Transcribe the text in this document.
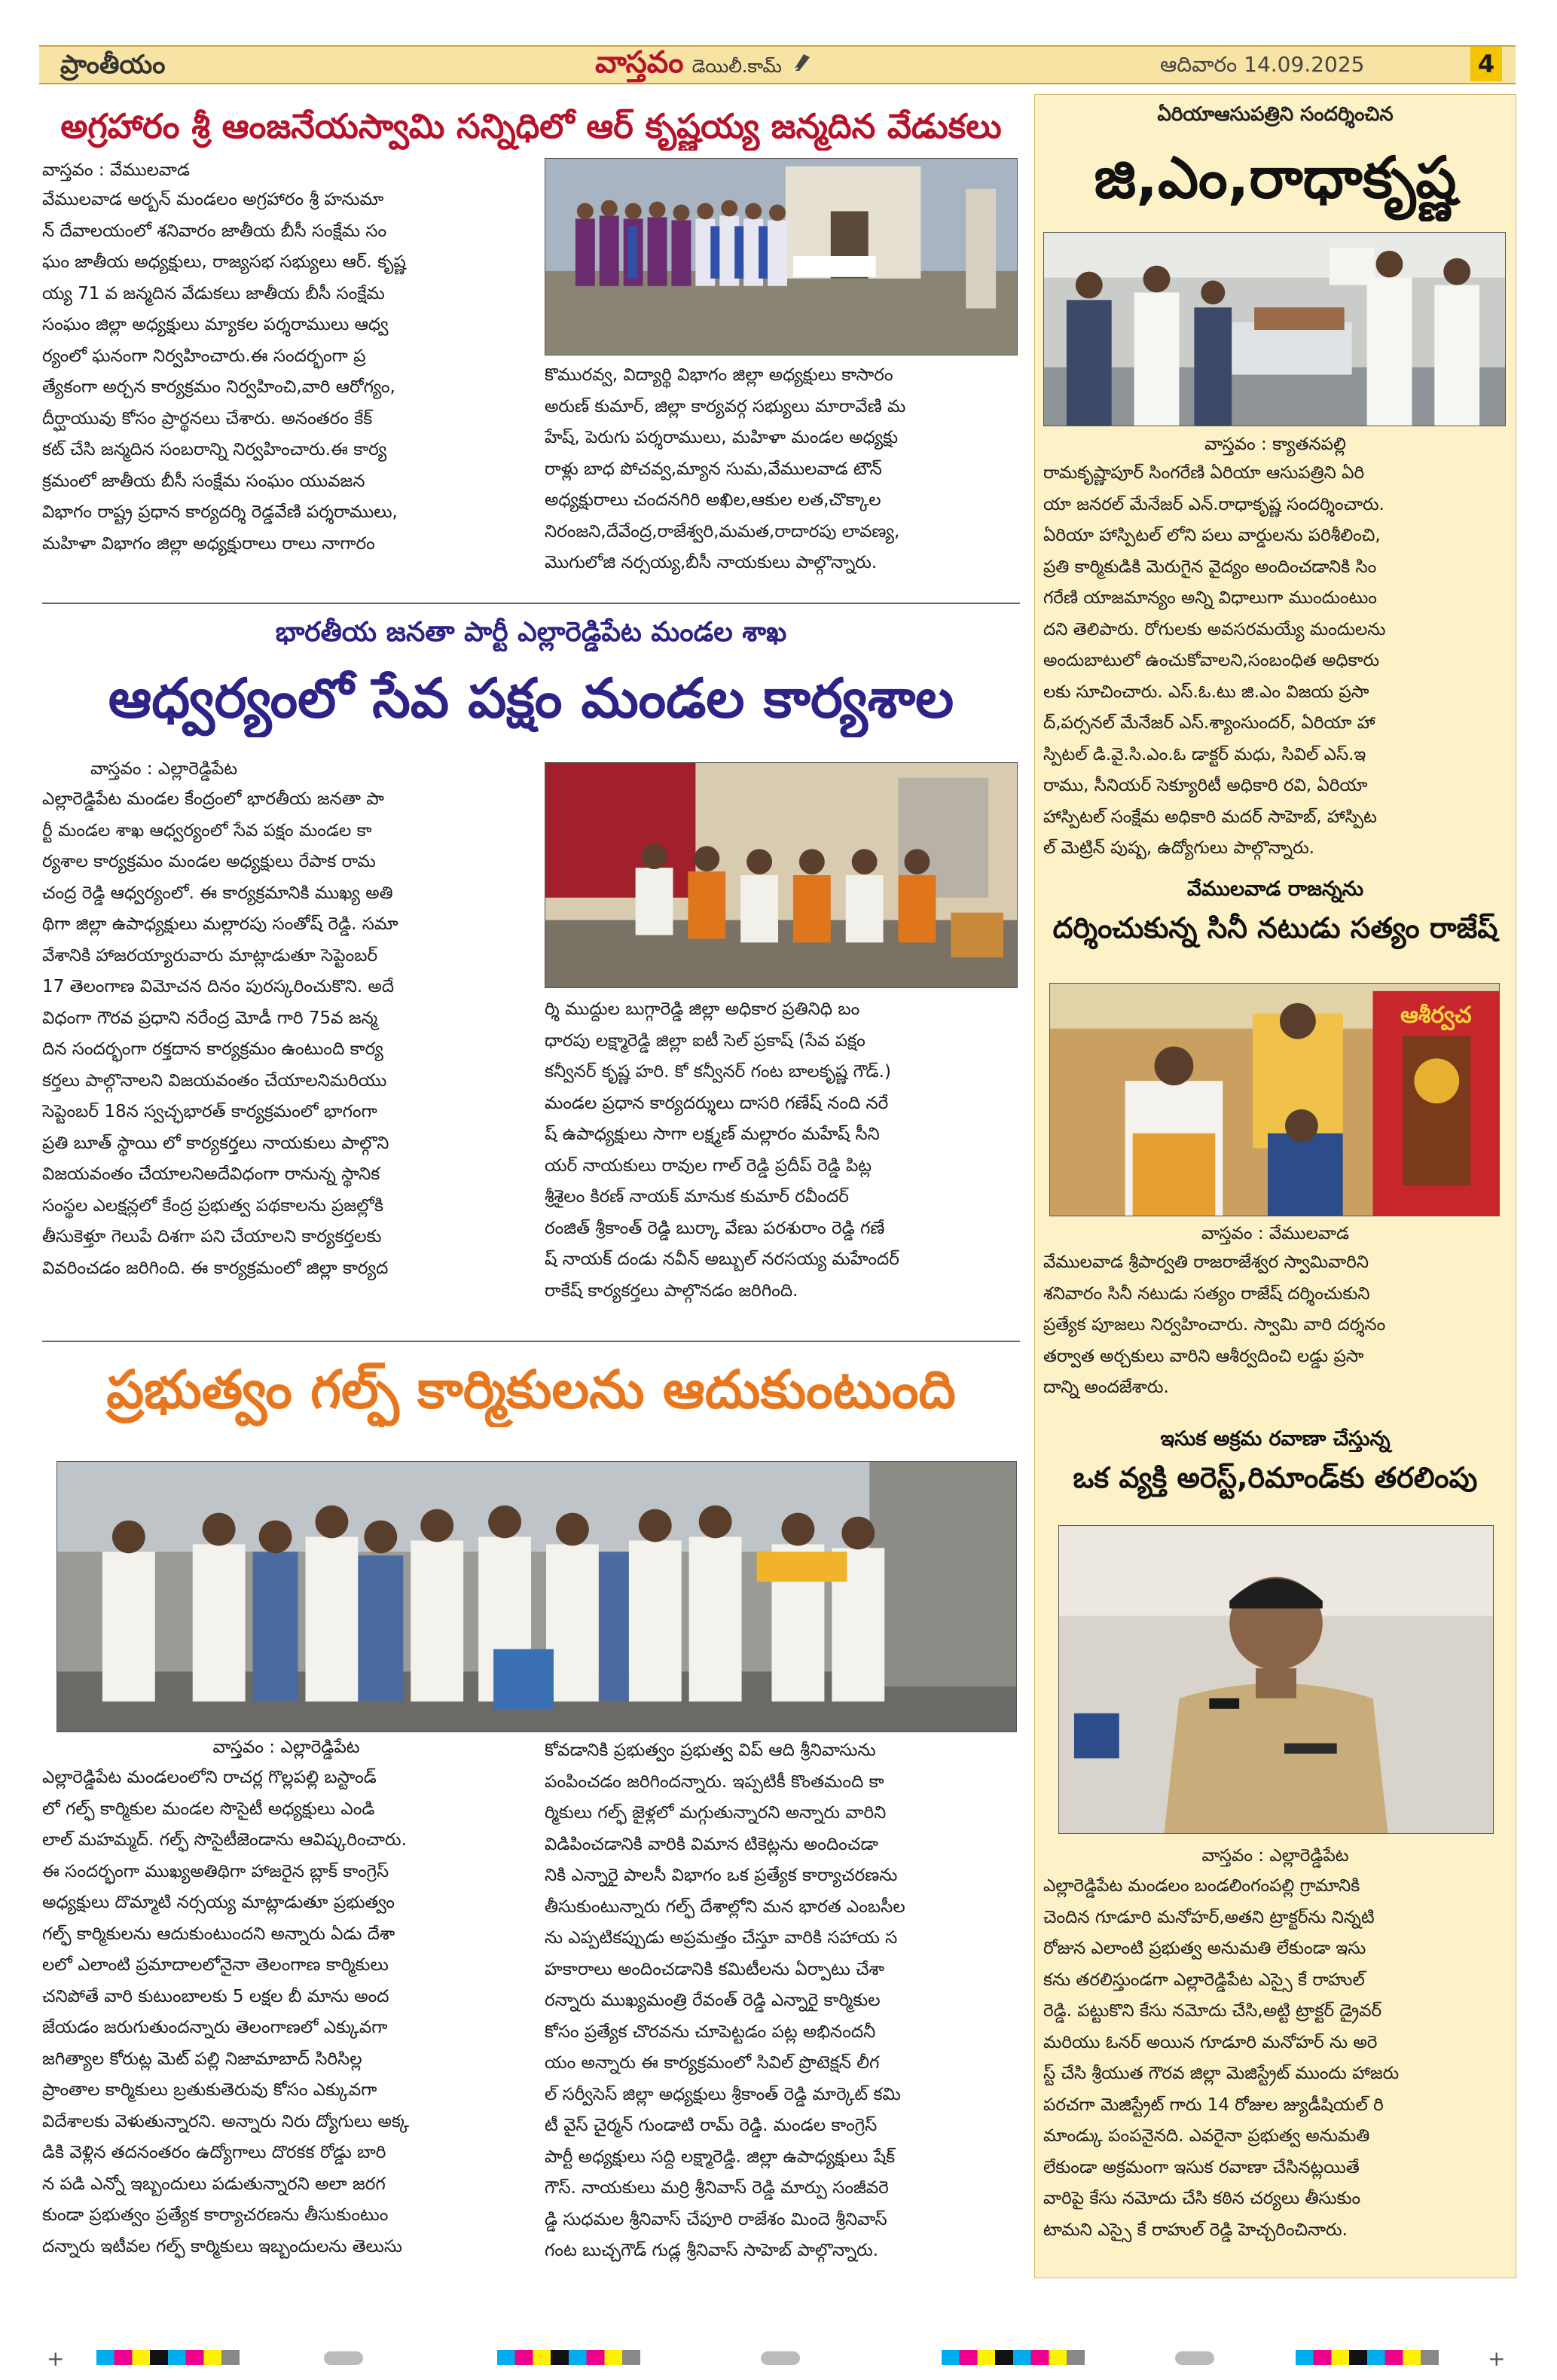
ప్రాంతీయం	వాస్తవం డెయిలీ.కామ్	ఆదివారం 14.09.2025	4
అగ్రహారం శ్రీ ఆంజనేయస్వామి సన్నిధిలో ఆర్ కృష్ణయ్య జన్మదిన వేడుకలు
వాస్తవం : వేములవాడ
వేములవాడ అర్బన్ మండలం అగ్రహారం శ్రీ హనుమా
న్ దేవాలయంలో శనివారం జాతీయ బీసీ సంక్షేమ సం
ఘం జాతీయ అధ్యక్షులు, రాజ్యసభ సభ్యులు ఆర్. కృష్ణ
య్య 71 వ జన్మదిన వేడుకలు జాతీయ బీసీ సంక్షేమ
సంఘం జిల్లా అధ్యక్షులు మ్యాకల పర్శరాములు ఆధ్వ
ర్యంలో ఘనంగా నిర్వహించారు.ఈ సందర్భంగా ప్ర
త్యేకంగా అర్చన కార్యక్రమం నిర్వహించి,వారి ఆరోగ్యం,
దీర్ఘాయువు కోసం ప్రార్థనలు చేశారు. అనంతరం కేక్
కట్ చేసి జన్మదిన సంబరాన్ని నిర్వహించారు.ఈ కార్య
క్రమంలో జాతీయ బీసీ సంక్షేమ సంఘం యువజన
విభాగం రాష్ట్ర ప్రధాన కార్యదర్శి రెడ్డవేణి పర్శరాములు,
మహిళా విభాగం జిల్లా అధ్యక్షురాలు రాలు నాగారం
కొమురవ్వ, విద్యార్థి విభాగం జిల్లా అధ్యక్షులు కాసారం
అరుణ్ కుమార్, జిల్లా కార్యవర్గ సభ్యులు మారావేణి మ
హేష్, పెరుగు పర్శరాములు, మహిళా మండల అధ్యక్షు
రాళ్లు బాధ పోచవ్వ,మ్యాన సుమ,వేములవాడ టౌన్
అధ్యక్షురాలు చందనగిరి అఖిల,ఆకుల లత,చొక్కాల
నిరంజని,దేవేంద్ర,రాజేశ్వరి,మమత,రాదారపు లావణ్య,
మొగులోజి నర్సయ్య,బీసీ నాయకులు పాల్గొన్నారు.
భారతీయ జనతా పార్టీ ఎల్లారెడ్డిపేట మండల శాఖ
ఆధ్వర్యంలో సేవ పక్షం మండల కార్యశాల
వాస్తవం : ఎల్లారెడ్డిపేట
ఎల్లారెడ్డిపేట మండల కేంద్రంలో భారతీయ జనతా పా
ర్టీ మండల శాఖ ఆధ్వర్యంలో సేవ పక్షం మండల కా
ర్యశాల కార్యక్రమం మండల అధ్యక్షులు రేపాక రామ
చంద్ర రెడ్డి ఆధ్వర్యంలో. ఈ కార్యక్రమానికి ముఖ్య అతి
థిగా జిల్లా ఉపాధ్యక్షులు మల్లారపు సంతోష్ రెడ్డి. సమా
వేశానికి హాజరయ్యారువారు మాట్లాడుతూ సెప్టెంబర్
17 తెలంగాణ విమోచన దినం పురస్కరించుకొని. అదే
విధంగా గౌరవ ప్రధాని నరేంద్ర మోడీ గారి 75వ జన్మ
దిన సందర్భంగా రక్తదాన కార్యక్రమం ఉంటుంది కార్య
కర్తలు పాల్గొనాలని విజయవంతం చేయాలనిమరియు
సెప్టెంబర్ 18న స్వచ్ఛభారత్ కార్యక్రమంలో భాగంగా
ప్రతి బూత్ స్థాయి లో కార్యకర్తలు నాయకులు పాల్గొని
విజయవంతం చేయాలనిఅదేవిధంగా రానున్న స్థానిక
సంస్థల ఎలక్షన్లలో కేంద్ర ప్రభుత్వ పథకాలను ప్రజల్లోకి
తీసుకెళ్తూ గెలుపే దిశగా పని చేయాలని కార్యకర్తలకు
వివరించడం జరిగింది. ఈ కార్యక్రమంలో జిల్లా కార్యద
ర్శి ముద్దుల బుగ్గారెడ్డి జిల్లా అధికార ప్రతినిధి బం
ధారపు లక్ష్మారెడ్డి జిల్లా ఐటీ సెల్ ప్రకాష్ (సేవ పక్షం
కన్వీనర్ కృష్ణ హరి. కో కన్వీనర్ గంట బాలకృష్ణ గౌడ్.)
మండల ప్రధాన కార్యదర్శులు దాసరి గణేష్ నంది నరే
ష్ ఉపాధ్యక్షులు సాగా లక్ష్మణ్ మల్లారం మహేష్ సీని
యర్ నాయకులు రావుల గాల్ రెడ్డి ప్రదీప్ రెడ్డి పిట్ల
శ్రీశైలం కిరణ్ నాయక్ మానుక కుమార్ రవీందర్
రంజిత్ శ్రీకాంత్ రెడ్డి బుర్కా వేణు పరశురాం రెడ్డి గణే
ష్ నాయక్ దండు నవీన్ అబ్బుల్ నరసయ్య మహేందర్
రాకేష్ కార్యకర్తలు పాల్గొనడం జరిగింది.
ప్రభుత్వం గల్ఫ్ కార్మికులను ఆదుకుంటుంది
వాస్తవం : ఎల్లారెడ్డిపేట
ఎల్లారెడ్డిపేట మండలంలోని రాచర్ల గొల్లపల్లి బస్టాండ్
లో గల్ఫ్ కార్మికుల మండల సొసైటీ అధ్యక్షులు ఎండి
లాల్ మహమ్మద్. గల్ఫ్ సొసైటీజెండాను ఆవిష్కరించారు.
ఈ సందర్భంగా ముఖ్యఅతిథిగా హాజరైన బ్లాక్ కాంగ్రెస్
అధ్యక్షులు దొమ్మాటి నర్సయ్య మాట్లాడుతూ ప్రభుత్వం
గల్ఫ్ కార్మికులను ఆదుకుంటుందని అన్నారు ఏడు దేశా
లలో ఎలాంటి ప్రమాదాలలోనైనా తెలంగాణ కార్మికులు
చనిపోతే వారి కుటుంబాలకు 5 లక్షల బీ మాను అంద
జేయడం జరుగుతుందన్నారు తెలంగాణలో ఎక్కువగా
జగిత్యాల కోరుట్ల మెట్ పల్లి నిజామాబాద్ సిరిసిల్ల
ప్రాంతాల కార్మికులు బ్రతుకుతెరువు కోసం ఎక్కువగా
విదేశాలకు వెళుతున్నారని. అన్నారు నిరు ద్యోగులు అక్క
డికి వెళ్లిన తదనంతరం ఉద్యోగాలు దొరకక రోడ్డు బారి
న పడి ఎన్నో ఇబ్బందులు పడుతున్నారని అలా జరగ
కుండా ప్రభుత్వం ప్రత్యేక కార్యాచరణను తీసుకుంటుం
దన్నారు ఇటీవల గల్ఫ్ కార్మికులు ఇబ్బందులను తెలుసు
కోవడానికి ప్రభుత్వం ప్రభుత్వ విప్ ఆది శ్రీనివాసును
పంపించడం జరిగిందన్నారు. ఇప్పటికీ కొంతమంది కా
ర్మికులు గల్ఫ్ జైళ్లలో మగ్గుతున్నారని అన్నారు వారిని
విడిపించడానికి వారికి విమాన టికెట్లను అందించడా
నికి ఎన్నారై పాలసీ విభాగం ఒక ప్రత్యేక కార్యాచరణను
తీసుకుంటున్నారు గల్ఫ్ దేశాల్లోని మన భారత ఎంబసీల
ను ఎప్పటికప్పుడు అప్రమత్తం చేస్తూ వారికి సహాయ స
హకారాలు అందించడానికి కమిటీలను ఏర్పాటు చేశా
రన్నారు ముఖ్యమంత్రి రేవంత్ రెడ్డి ఎన్నారై కార్మికుల
కోసం ప్రత్యేక చొరవను చూపెట్టడం పట్ల అభినందనీ
యం అన్నారు ఈ కార్యక్రమంలో సివిల్ ప్రొటెక్షన్ లీగ
ల్ సర్వీసెస్ జిల్లా అధ్యక్షులు శ్రీకాంత్ రెడ్డి మార్కెట్ కమి
టీ వైస్ చైర్మన్ గుండాటి రామ్ రెడ్డి. మండల కాంగ్రెస్
పార్టీ అధ్యక్షులు సద్ది లక్ష్మారెడ్డి. జిల్లా ఉపాధ్యక్షులు షేక్
గౌస్. నాయకులు మర్రి శ్రీనివాస్ రెడ్డి మార్పు సంజీవరె
డ్డి సుధమల శ్రీనివాస్ చేపూరి రాజేశం మిందె శ్రీనివాస్
గంట బుచ్చగౌడ్ గుడ్ల శ్రీనివాస్ సాహెబ్ పాల్గొన్నారు.
ఏరియాఆసుపత్రిని సందర్శించిన
జి,ఎం,రాధాకృష్ణ
వాస్తవం : క్యాతనపల్లి
రామకృష్ణాపూర్ సింగరేణి ఏరియా ఆసుపత్రిని ఏరి
యా జనరల్ మేనేజర్ ఎన్.రాధాకృష్ణ సందర్శించారు.
ఏరియా హాస్పిటల్ లోని పలు వార్డులను పరిశీలించి,
ప్రతి కార్మికుడికి మెరుగైన వైద్యం అందించడానికి సిం
గరేణి యాజమాన్యం అన్ని విధాలుగా ముందుంటుం
దని తెలిపారు. రోగులకు అవసరమయ్యే మందులను
అందుబాటులో ఉంచుకోవాలని,సంబంధిత అధికారు
లకు సూచించారు. ఎస్.ఓ.టు జి.ఎం విజయ ప్రసా
ద్,పర్సనల్ మేనేజర్ ఎస్.శ్యాంసుందర్, ఏరియా హా
స్పిటల్ డి.వై.సి.ఎం.ఓ డాక్టర్ మధు, సివిల్ ఎస్.ఇ
రాము, సీనియర్ సెక్యూరిటీ అధికారి రవి, ఏరియా
హాస్పిటల్ సంక్షేమ అధికారి మదర్ సాహెబ్, హాస్పిట
ల్ మెట్రిన్ పుష్ప, ఉద్యోగులు పాల్గొన్నారు.
వేములవాడ రాజన్నను
దర్శించుకున్న సినీ నటుడు సత్యం రాజేష్
ఆశీర్వచ
వాస్తవం : వేములవాడ
వేములవాడ శ్రీపార్వతి రాజరాజేశ్వర స్వామివారిని
శనివారం సినీ నటుడు సత్యం రాజేష్ దర్శించుకుని
ప్రత్యేక పూజలు నిర్వహించారు. స్వామి వారి దర్శనం
తర్వాత అర్చకులు వారిని ఆశీర్వదించి లడ్డు ప్రసా
దాన్ని అందజేశారు.
ఇసుక అక్రమ రవాణా చేస్తున్న
ఒక వ్యక్తి అరెస్ట్,రిమాండ్‌కు తరలింపు
వాస్తవం : ఎల్లారెడ్డిపేట
ఎల్లారెడ్డిపేట మండలం బండలింగంపల్లి గ్రామానికి
చెందిన గూడూరి మనోహర్,అతని ట్రాక్టర్‌ను నిన్నటి
రోజున ఎలాంటి ప్రభుత్వ అనుమతి లేకుండా ఇసు
కను తరలిస్తుండగా ఎల్లారెడ్డిపేట ఎస్సై కే రాహుల్
రెడ్డి. పట్టుకొని కేసు నమోదు చేసి,అట్టి ట్రాక్టర్ డ్రైవర్
మరియు ఓనర్ అయిన గూడూరి మనోహర్ ను అరె
స్ట్ చేసి శ్రీయుత గౌరవ జిల్లా మెజిస్ట్రేట్ ముందు హాజరు
పరచగా మెజిస్ట్రేట్ గారు 14 రోజుల జ్యుడీషియల్ రి
మాండ్కు పంపనైనది. ఎవరైనా ప్రభుత్వ అనుమతి
లేకుండా అక్రమంగా ఇసుక రవాణా చేసినట్లయితే
వారిపై కేసు నమోదు చేసి కఠిన చర్యలు తీసుకుం
టామని ఎస్సై కే రాహుల్ రెడ్డి హెచ్చరించినారు.
+	+
